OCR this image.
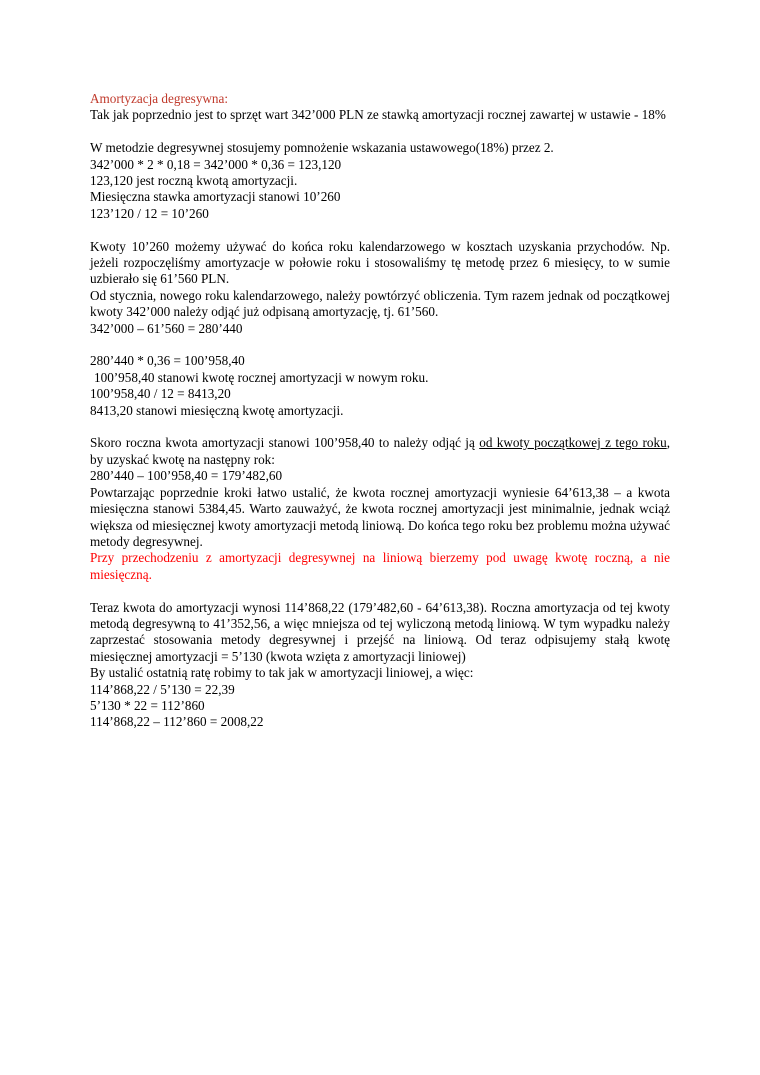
Amortyzacja degresywna:

Tak jak poprzednio jest to sprzęt wart 342’000 PLN ze stawką amortyzacji rocznej zawartej w ustawie - 18%

W metodzie degresywnej stosujemy pomnożenie wskazania ustawowego(18%) przez 2.

342’000 * 2 * 0,18 = 342’000 * 0,36 = 123,120

123,120 jest roczną kwotą amortyzacji.

Miesięczna stawka amortyzacji stanowi 10’260

123’120 / 12 = 10’260

Kwoty 10’260 możemy używać do końca roku kalendarzowego w kosztach uzyskania przychodów. Np. jeżeli rozpoczęliśmy amortyzacje w połowie roku i stosowaliśmy tę metodę przez 6 miesięcy, to w sumie uzbierało się 61’560 PLN.

Od stycznia, nowego roku kalendarzowego, należy powtórzyć obliczenia. Tym razem jednak od początkowej kwoty 342’000 należy odjąć już odpisaną amortyzację, tj. 61’560.

342’000 – 61’560 = 280’440

280’440 * 0,36 = 100’958,40

100’958,40 stanowi kwotę rocznej amortyzacji w nowym roku.

100’958,40 / 12 = 8413,20

8413,20 stanowi miesięczną kwotę amortyzacji.

Skoro roczna kwota amortyzacji stanowi 100’958,40 to należy odjąć ją od kwoty początkowej z tego roku, by uzyskać kwotę na następny rok:

280’440 – 100’958,40 = 179’482,60

Powtarzając poprzednie kroki łatwo ustalić, że kwota rocznej amortyzacji wyniesie 64’613,38 – a kwota miesięczna stanowi 5384,45. Warto zauważyć, że kwota rocznej amortyzacji jest minimalnie, jednak wciąż większa od miesięcznej kwoty amortyzacji metodą liniową. Do końca tego roku bez problemu można używać metody degresywnej.

Przy przechodzeniu z amortyzacji degresywnej na liniową bierzemy pod uwagę kwotę roczną, a nie miesięczną.

Teraz kwota do amortyzacji wynosi 114’868,22 (179’482,60 - 64’613,38). Roczna amortyzacja od tej kwoty metodą degresywną to 41’352,56, a więc mniejsza od tej wyliczoną metodą liniową. W tym wypadku należy zaprzestać stosowania metody degresywnej i przejść na liniową. Od teraz odpisujemy stałą kwotę miesięcznej amortyzacji = 5’130 (kwota wzięta z amortyzacji liniowej)

By ustalić ostatnią ratę robimy to tak jak w amortyzacji liniowej, a więc:

114’868,22 / 5’130 = 22,39

5’130 * 22 = 112’860

114’868,22 – 112’860 = 2008,22
